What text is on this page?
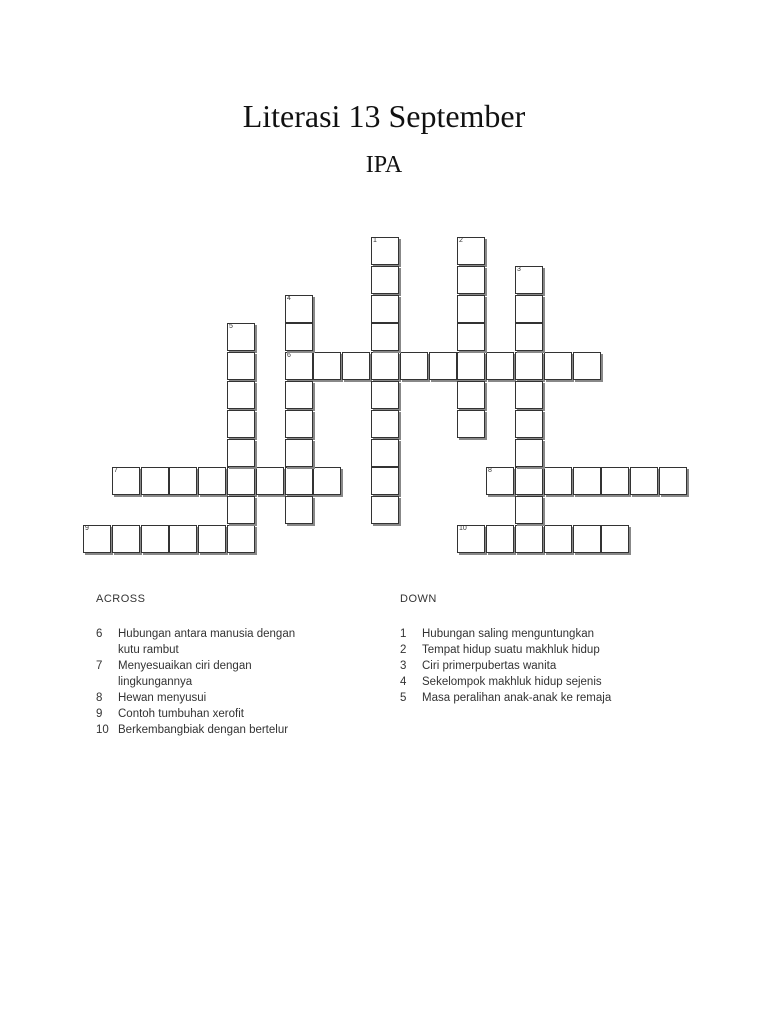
Literasi 13 September
IPA
6
7	8
9	10
1	2
3
4
5
ACROSS	DOWN
6	Hubungan antara manusia dengan kutu rambut
7	Menyesuaikan ciri dengan lingkungannya
8	Hewan menyusui
9	Contoh tumbuhan xerofit
10 Berkembangbiak dengan bertelur
1	Hubungan saling menguntungkan
2	Tempat hidup suatu makhluk hidup
3	Ciri primerpubertas wanita
4	Sekelompok makhluk hidup sejenis
5	Masa peralihan anak-anak ke remaja
